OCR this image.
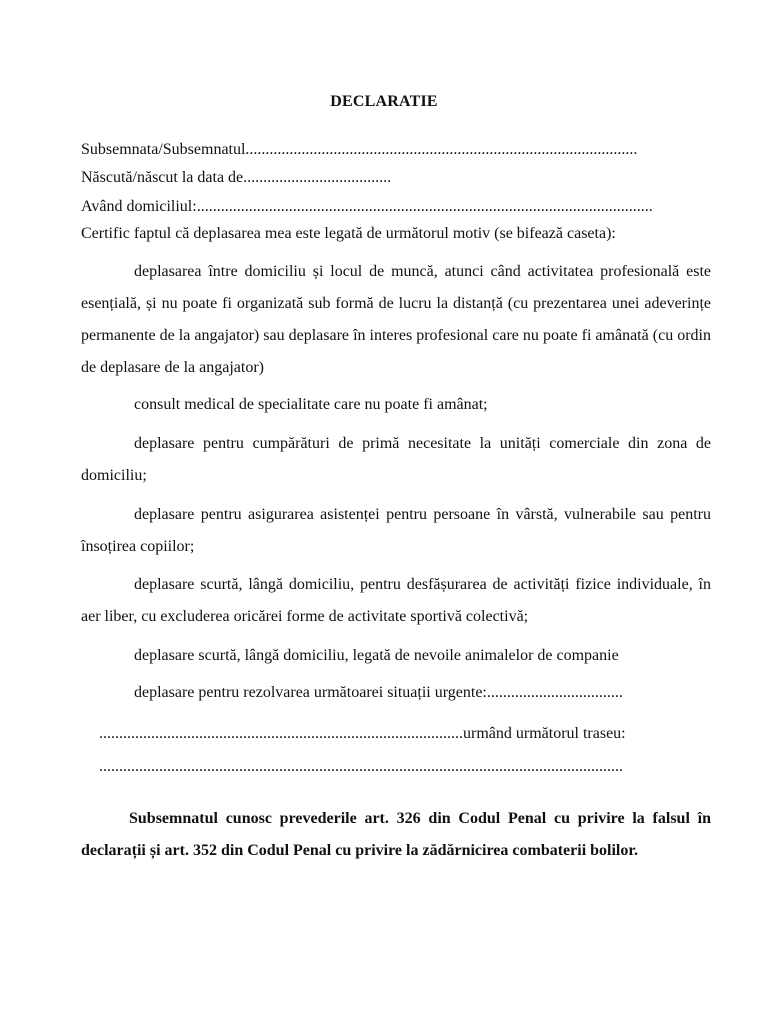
DECLARATIE
Subsemnata/Subsemnatul..................................................................................................
Născută/născut la data de.....................................
Având domiciliul:..................................................................................................................
Certific faptul că deplasarea mea este legată de următorul motiv (se bifează caseta):
deplasarea între domiciliu și locul de muncă, atunci când activitatea profesională este esențială, și nu poate fi organizată sub formă de lucru la distanță (cu prezentarea unei adeverințe permanente de la angajator) sau deplasare în interes profesional care nu poate fi amânată (cu ordin de deplasare de la angajator)
consult medical de specialitate care nu poate fi amânat;
deplasare pentru cumpărături de primă necesitate la unități comerciale din zona de domiciliu;
deplasare pentru asigurarea asistenței pentru persoane în vârstă, vulnerabile sau pentru însoțirea copiilor;
deplasare scurtă, lângă domiciliu, pentru desfășurarea de activități fizice individuale, în aer liber, cu excluderea oricărei forme de activitate sportivă colectivă;
deplasare scurtă, lângă domiciliu, legată de nevoile animalelor de companie
deplasare pentru rezolvarea următoarei situații urgente:..................................
...........................................................................................urmând următorul traseu:
...................................................................................................................................
Subsemnatul cunosc prevederile art. 326 din Codul Penal cu privire la falsul în declarații și art. 352 din Codul Penal cu privire la zădărnicirea combaterii bolilor.
